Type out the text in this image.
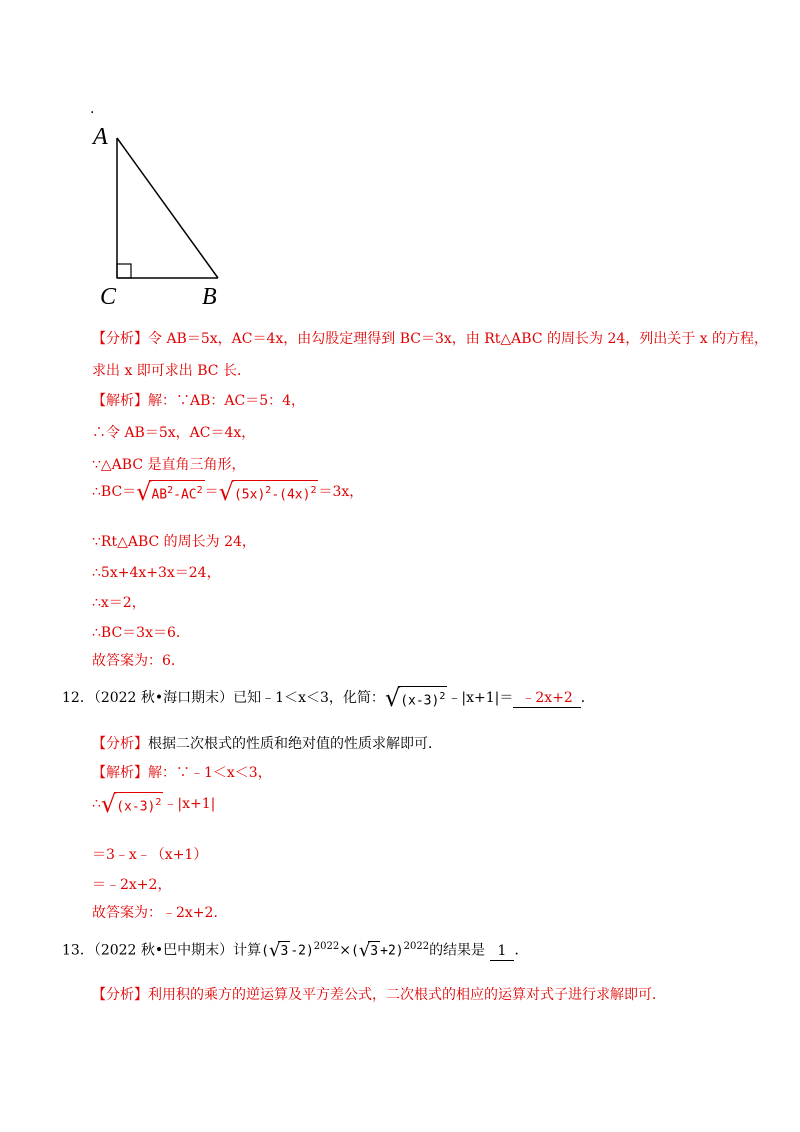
.
A
C	B
【分析】令 AB＝5x，AC＝4x，由勾股定理得到 BC＝3x，由 Rt△ABC 的周长为 24，列出关于 x 的方程，
求出 x 即可求出 BC 长．
【解析】解：∵AB：AC＝5：4，
∴令 AB＝5x，AC＝4x，
∵△ABC 是直角三角形，
$\therefore BC=√AB^2-AC^2 =√(5x)^2-(4x)^2 =3x$，
∵Rt△ABC 的周长为 24，
∴5x+4x+3x＝24，
∴x＝2，
∴BC＝3x＝6．
故答案为：6．
12．（2022 秋•海口期末）已知﹣1＜x＜3，化简：$√(x-3)^2$ ﹣|x+1|＝ ﹣2x+2 ．
【分析】根据二次根式的性质和绝对值的性质求解即可．
【解析】解：∵﹣1＜x＜3，
$\therefore√(x-3)^2$ ﹣|x+1|
＝3﹣x﹣（x+1）
＝﹣2x+2，
故答案为：﹣2x+2．
13．（2022 秋•巴中期末）计算(√3 $-2)^{2022}\times(√3 +2)^{2022}$的结果是 1 ．
【分析】利用积的乘方的逆运算及平方差公式，二次根式的相应的运算对式子进行求解即可．
